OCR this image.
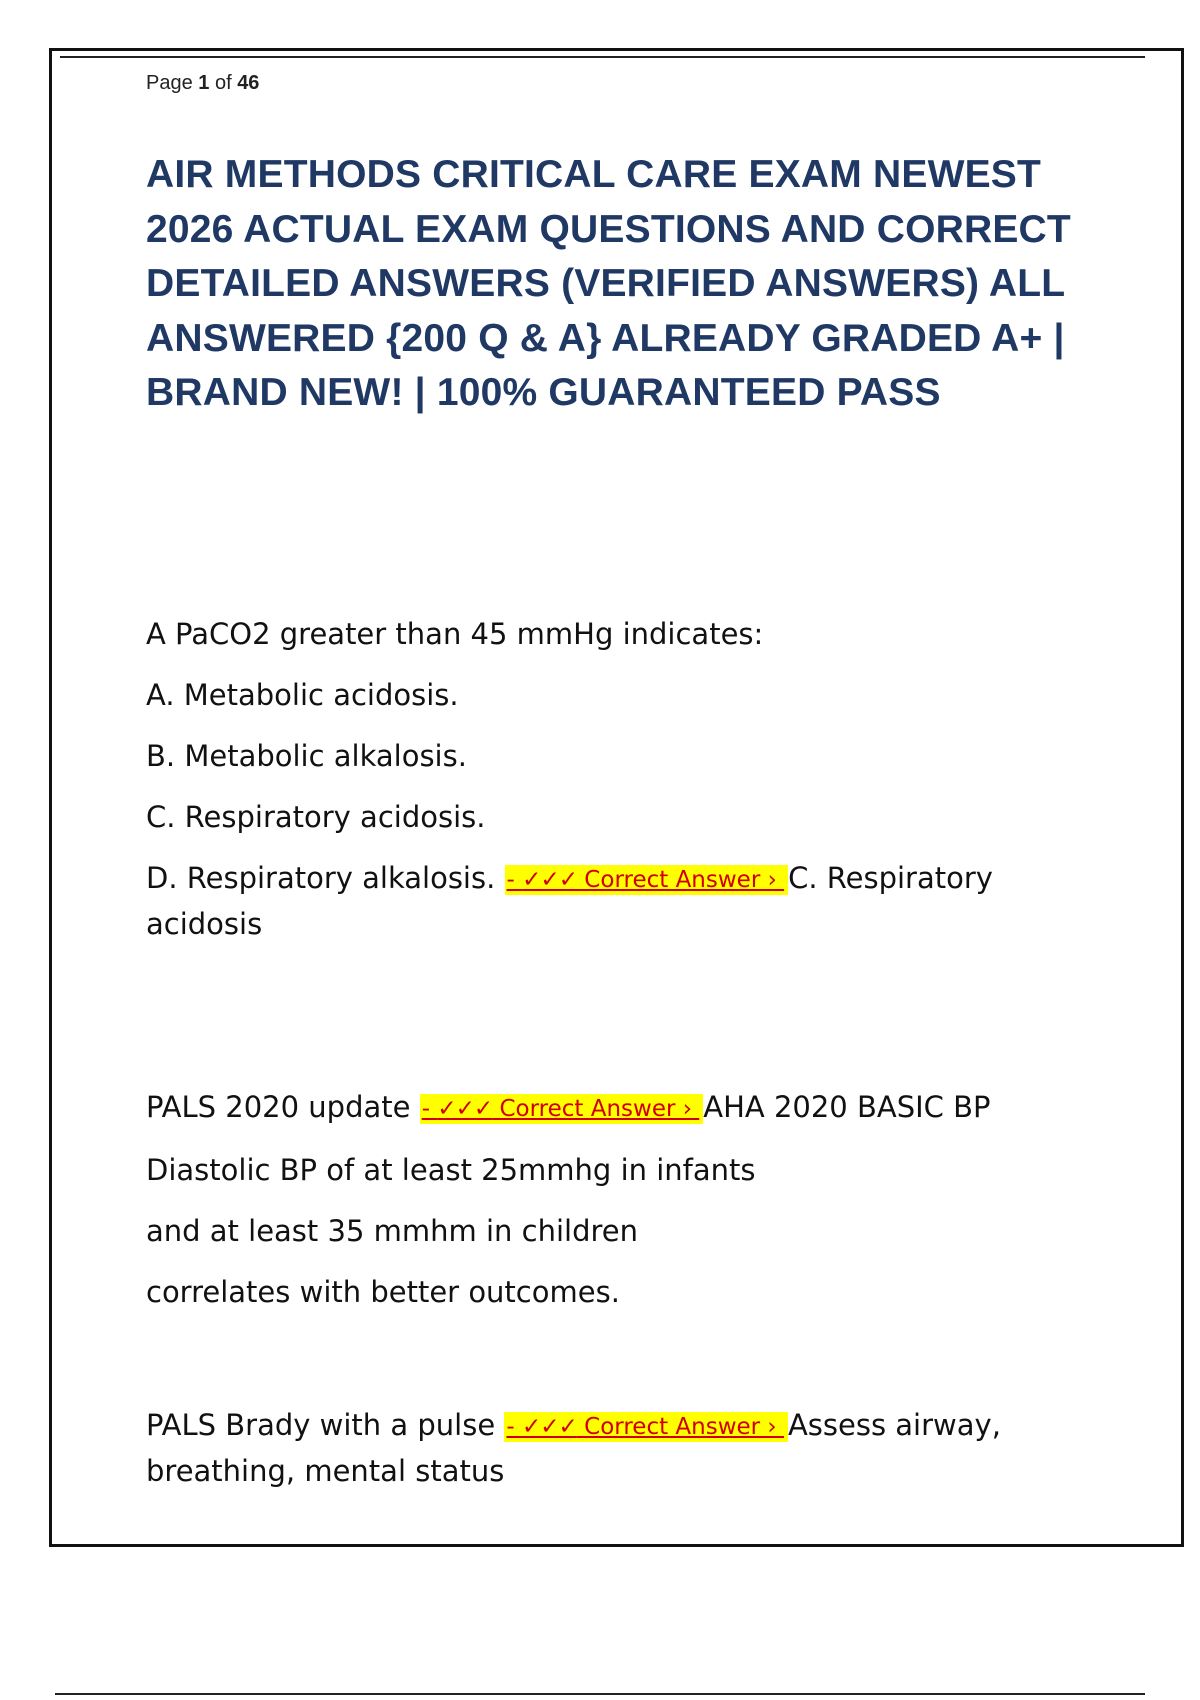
Page 1 of 46

AIR METHODS CRITICAL CARE EXAM NEWEST 2026 ACTUAL EXAM QUESTIONS AND CORRECT DETAILED ANSWERS (VERIFIED ANSWERS) ALL ANSWERED {200 Q & A} ALREADY GRADED A+ | BRAND NEW! | 100% GUARANTEED PASS

A PaCO2 greater than 45 mmHg indicates:

A. Metabolic acidosis.

B. Metabolic alkalosis.

C. Respiratory acidosis.

D. Respiratory alkalosis. - ✓✓✓ Correct Answer › C. Respiratory acidosis

PALS 2020 update - ✓✓✓ Correct Answer › AHA 2020 BASIC BP

Diastolic BP of at least 25mmhg in infants

and at least 35 mmhm in children

correlates with better outcomes.

PALS Brady with a pulse - ✓✓✓ Correct Answer › Assess airway, breathing, mental status
